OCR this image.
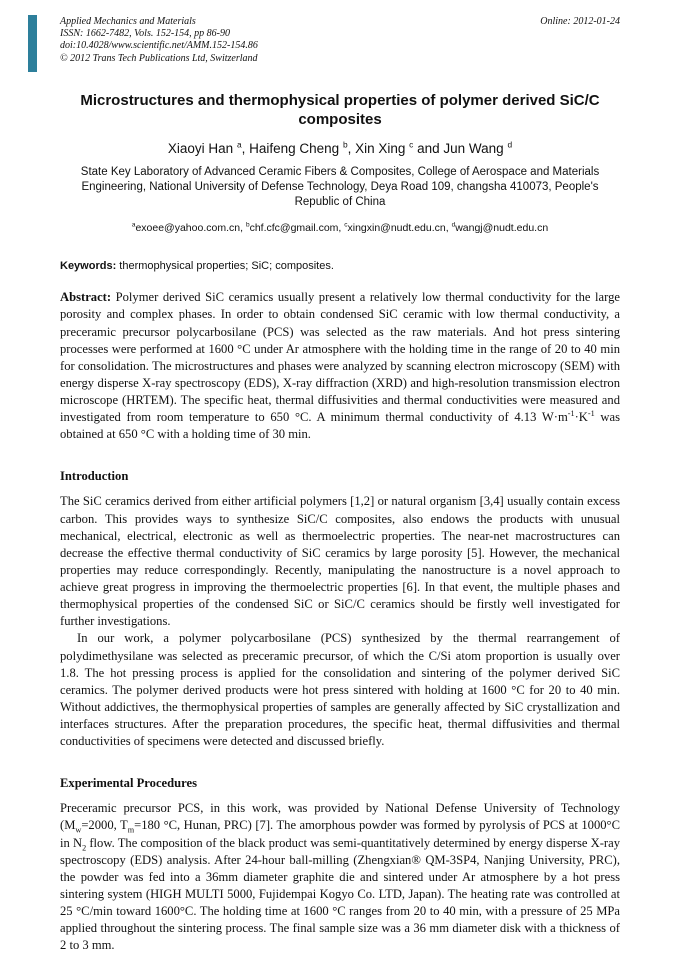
Applied Mechanics and Materials
ISSN: 1662-7482, Vols. 152-154, pp 86-90
doi:10.4028/www.scientific.net/AMM.152-154.86
© 2012 Trans Tech Publications Ltd, Switzerland
Online: 2012-01-24
Microstructures and thermophysical properties of polymer derived SiC/C composites
Xiaoyi Han $^a$, Haifeng Cheng $^b$, Xin Xing $^c$ and Jun Wang $^d$
State Key Laboratory of Advanced Ceramic Fibers & Composites, College of Aerospace and Materials Engineering, National University of Defense Technology, Deya Road 109, changsha 410073, People's Republic of China
$^a$exoee@yahoo.com.cn, $^b$chf.cfc@gmail.com, $^c$xingxin@nudt.edu.cn, $^d$wangj@nudt.edu.cn

Keywords: thermophysical properties; SiC; composites.

Abstract: Polymer derived SiC ceramics usually present a relatively low thermal conductivity for the large porosity and complex phases. In order to obtain condensed SiC ceramic with low thermal conductivity, a preceramic precursor polycarbosilane (PCS) was selected as the raw materials. And hot press sintering processes were performed at 1600 °C under Ar atmosphere with the holding time in the range of 20 to 40 min for consolidation. The microstructures and phases were analyzed by scanning electron microscopy (SEM) with energy disperse X-ray spectroscopy (EDS), X-ray diffraction (XRD) and high-resolution transmission electron microscope (HRTEM). The specific heat, thermal diffusivities and thermal conductivities were measured and investigated from room temperature to 650 °C. A minimum thermal conductivity of 4.13 $W\cdot m^{-1}\cdot K^{-1}$ was obtained at 650 °C with a holding time of 30 min.

Introduction

The SiC ceramics derived from either artificial polymers [1,2] or natural organism [3,4] usually contain excess carbon. This provides ways to synthesize SiC/C composites, also endows the products with unusual mechanical, electrical, electronic as well as thermoelectric properties. The near-net macrostructures can decrease the effective thermal conductivity of SiC ceramics by large porosity [5]. However, the mechanical properties may reduce correspondingly. Recently, manipulating the nanostructure is a novel approach to achieve great progress in improving the thermoelectric properties [6]. In that event, the multiple phases and thermophysical properties of the condensed SiC or SiC/C ceramics should be firstly well investigated for further investigations.

In our work, a polymer polycarbosilane (PCS) synthesized by the thermal rearrangement of polydimethysilane was selected as preceramic precursor, of which the C/Si atom proportion is usually over 1.8. The hot pressing process is applied for the consolidation and sintering of the polymer derived SiC ceramics. The polymer derived products were hot press sintered with holding at 1600 °C for 20 to 40 min. Without addictives, the thermophysical properties of samples are generally affected by SiC crystallization and interfaces structures. After the preparation procedures, the specific heat, thermal diffusivities and thermal conductivities of specimens were detected and discussed briefly.

Experimental Procedures

Preceramic precursor PCS, in this work, was provided by National Defense University of Technology ($M_w=2000$, $T_m=180$ °C, Hunan, PRC) [7]. The amorphous powder was formed by pyrolysis of PCS at 1000°C in $N_2$ flow. The composition of the black product was semi-quantitatively determined by energy disperse X-ray spectroscopy (EDS) analysis. After 24-hour ball-milling (Zhengxian® QM-3SP4, Nanjing University, PRC), the powder was fed into a 36mm diameter graphite die and sintered under Ar atmosphere by a hot press sintering system (HIGH MULTI 5000, Fujidempai Kogyo Co. LTD, Japan). The heating rate was controlled at 25 °C/min toward 1600°C. The holding time at 1600 °C ranges from 20 to 40 min, with a pressure of 25 MPa applied throughout the sintering process. The final sample size was a 36 mm diameter disk with a thickness of 2 to 3 mm.
